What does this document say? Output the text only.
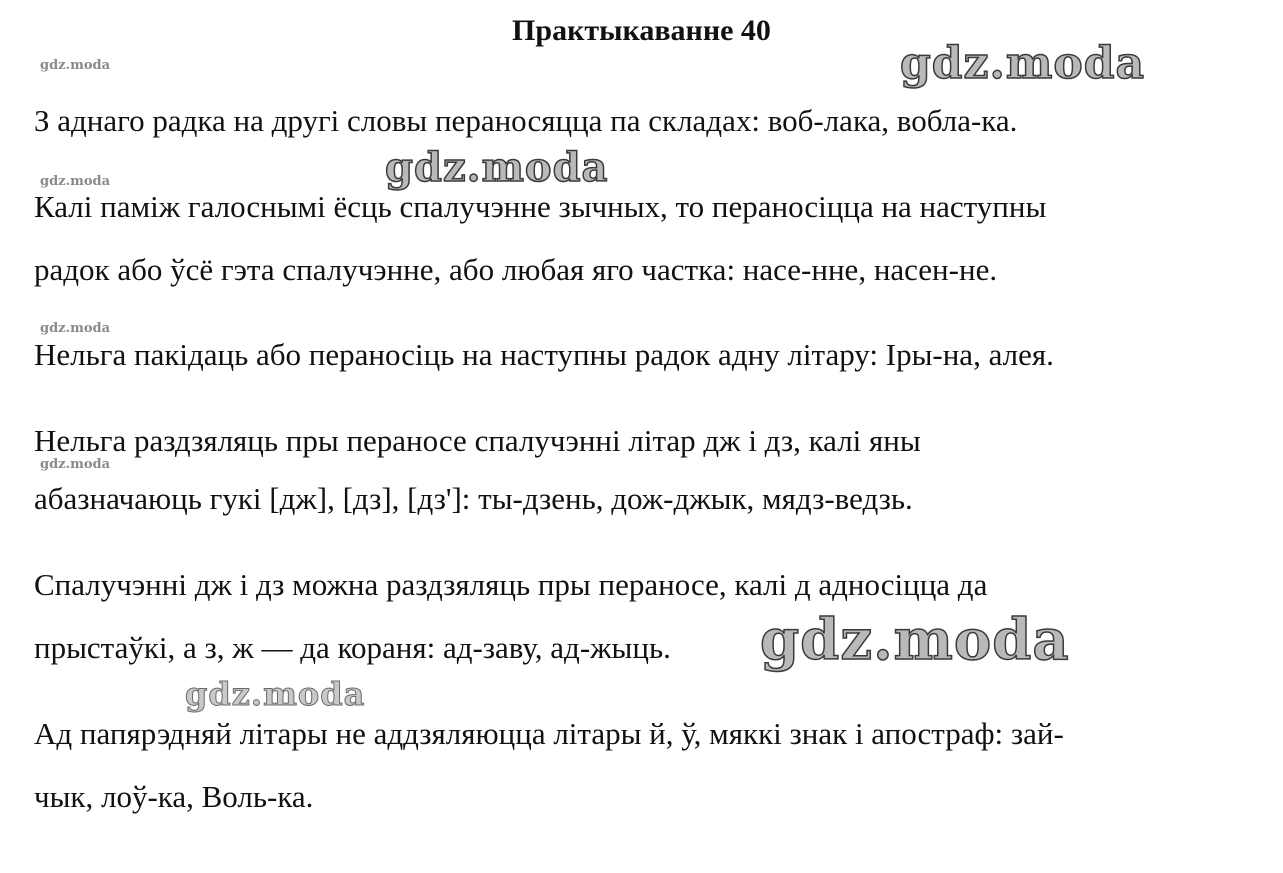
Практыкаванне 40
gdz.moda
gdz.moda
gdz.moda
gdz.moda
gdz.moda
gdz.moda
З аднаго радка на другі словы пераносяцца па складах: воб-лака, вобла-ка.
Калі паміж галоснымі ёсць спалучэнне зычных, то пераносіцца на наступны
радок або ўсё гэта спалучэнне, або любая яго частка: насе-нне, насен-не.
Нельга пакідаць або пераносіць на наступны радок адну літару: Іры-на, алея.
Нельга раздзяляць пры пераносе спалучэнні літар дж і дз, калі яны
абазначаюць гукі [дж], [дз], [дз']: ты-дзень, дож-джык, мядз-ведзь.
Спалучэнні дж і дз можна раздзяляць пры пераносе, калі д адносіцца да
прыстаўкі, а з, ж — да кораня: ад-заву, ад-жыць.
Ад папярэдняй літары не аддзяляюцца літары й, ў, мяккі знак і апостраф: зай-
чык, лоў-ка, Воль-ка.
gdz.moda
gdz.moda
